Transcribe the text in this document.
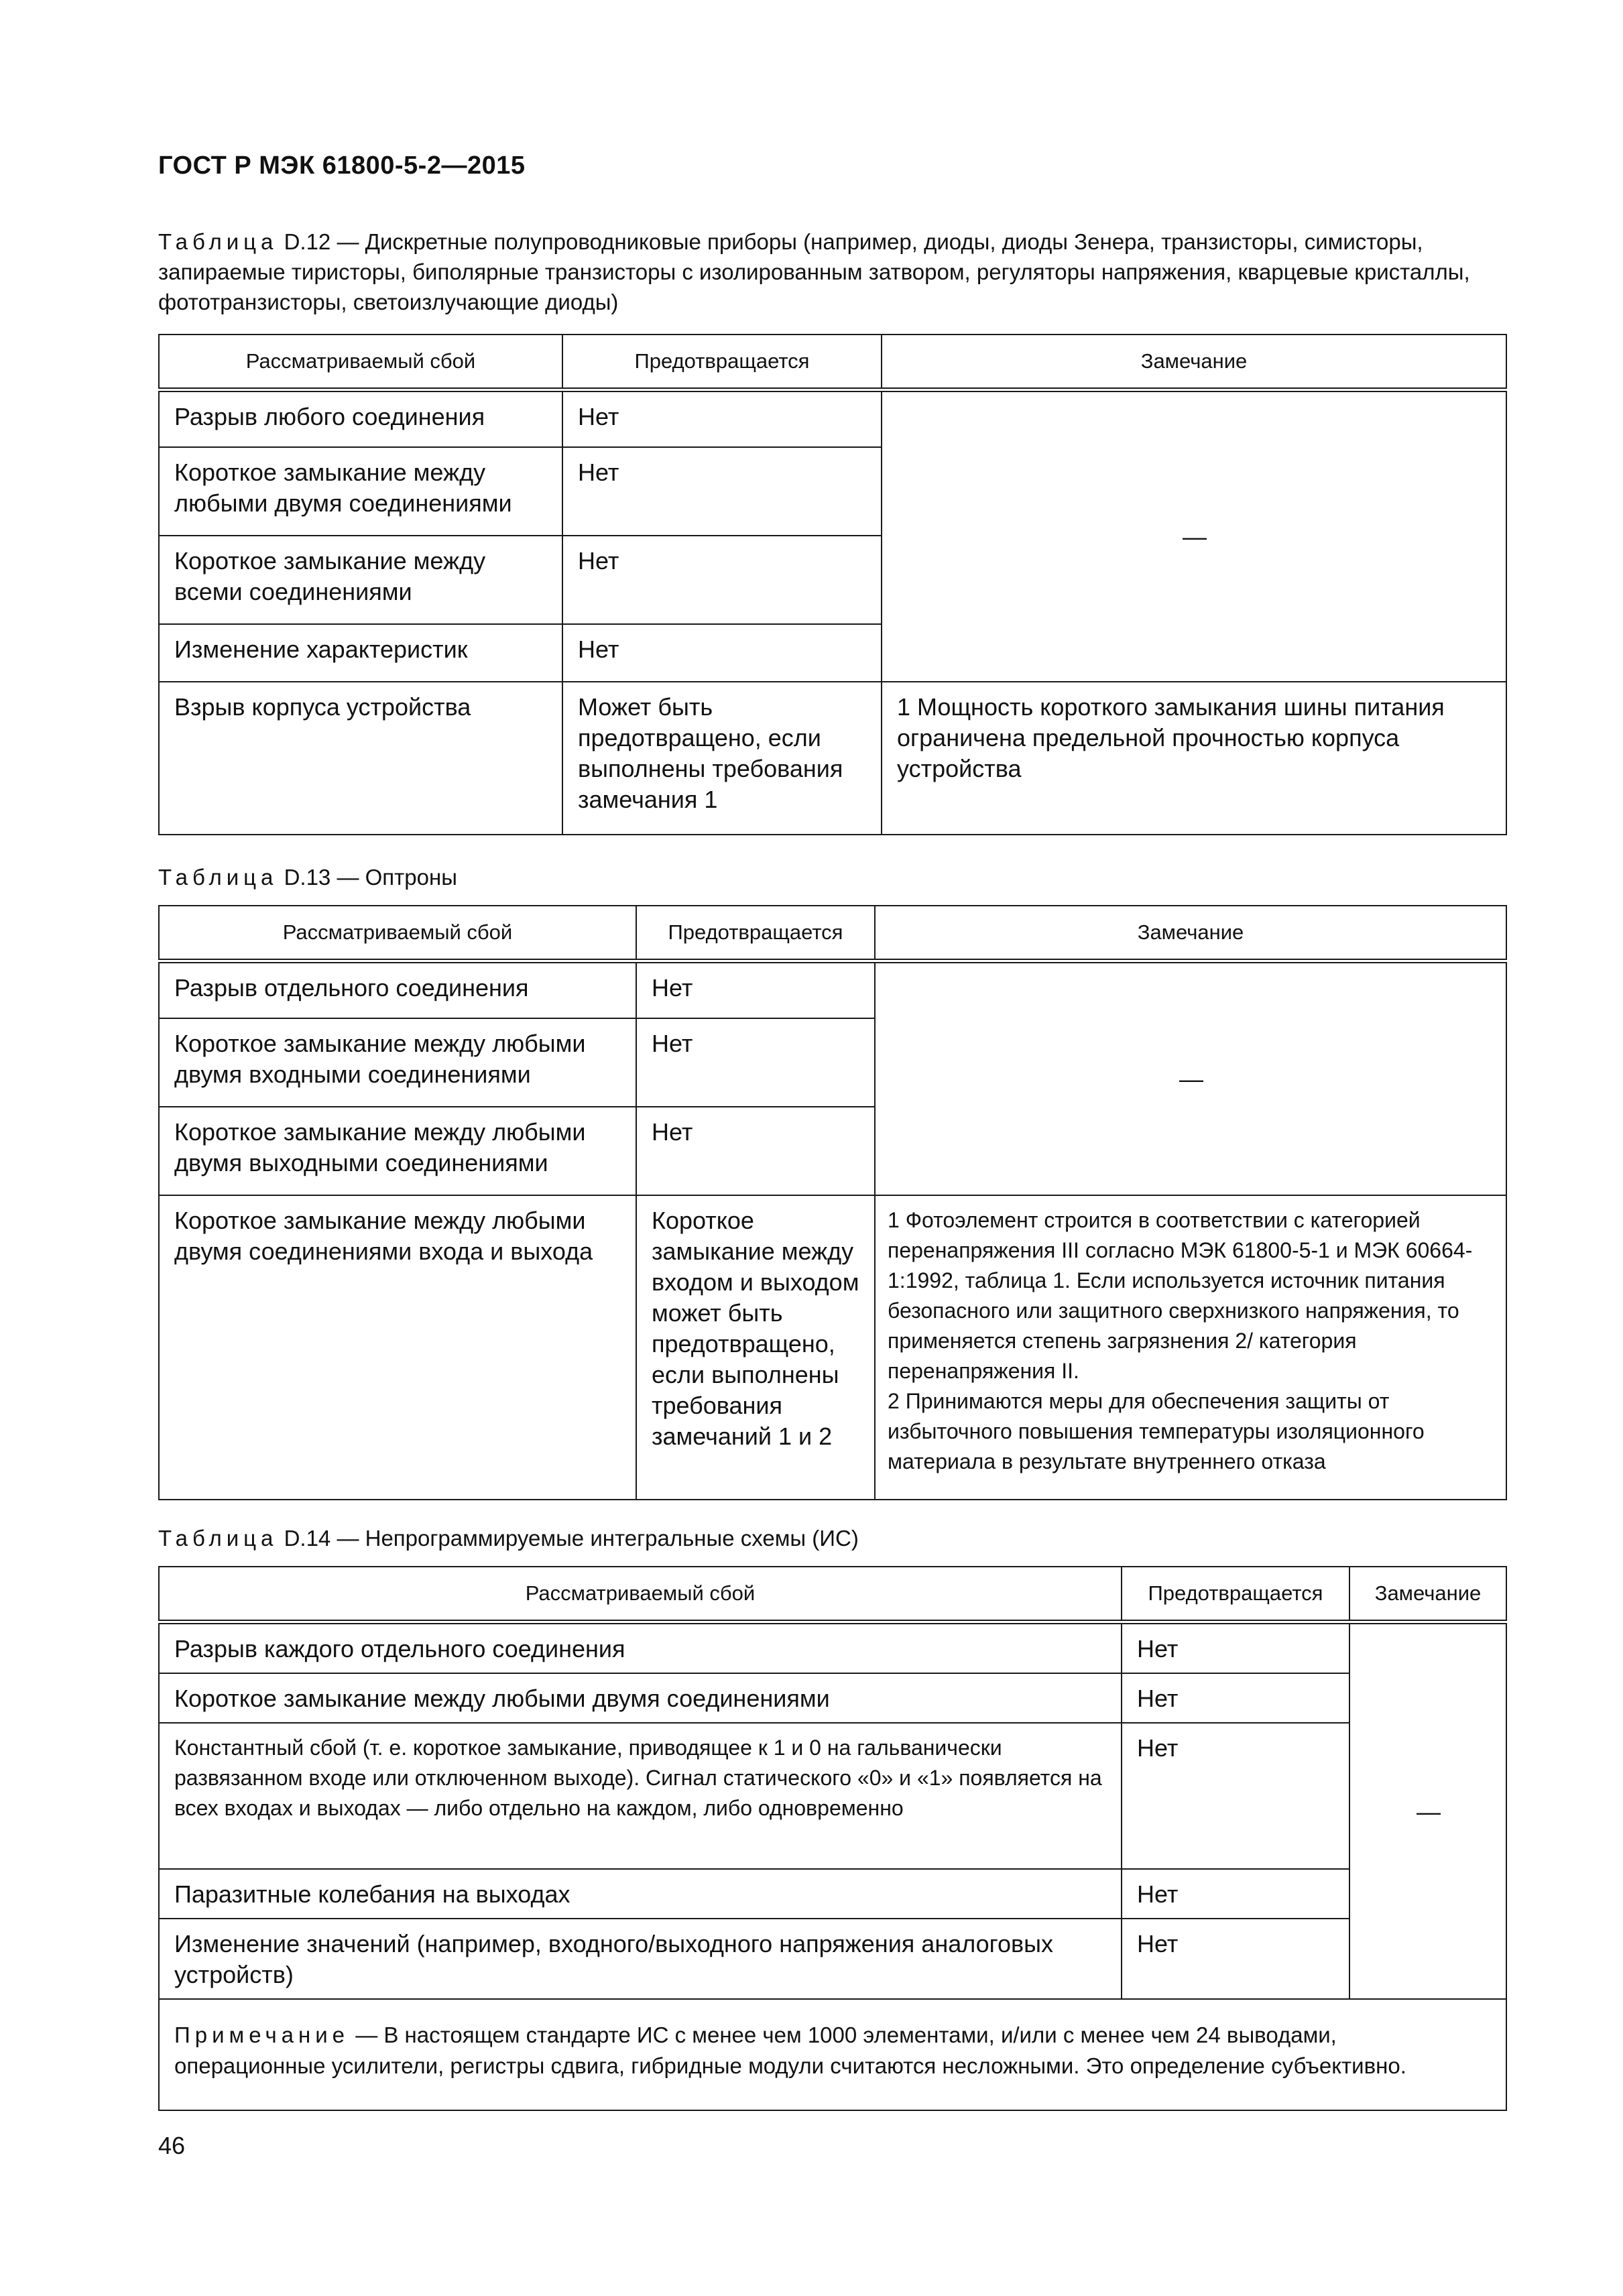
ГОСТ Р МЭК 61800-5-2—2015
Таблица D.12 — Дискретные полупроводниковые приборы (например, диоды, диоды Зенера, транзисторы, симисторы, запираемые тиристоры, биполярные транзисторы с изолированным затвором, регуляторы напряжения, кварцевые кристаллы, фототранзисторы, светоизлучающие диоды)
Рассматриваемый сбой	Предотвращается	Замечание
Разрыв любого соединения	Нет	—
Короткое замыкание между любыми двумя соединениями	Нет	
Короткое замыкание между всеми соединениями	Нет	
Изменение характеристик	Нет	
Взрыв корпуса устройства	Может быть предотвращено, если выполнены требования замечания 1	1 Мощность короткого замыкания шины питания ограничена предельной прочностью корпуса устройства
Таблица D.13 — Оптроны
Рассматриваемый сбой	Предотвращается	Замечание
Разрыв отдельного соединения	Нет	—
Короткое замыкание между любыми двумя входными соединениями	Нет	
Короткое замыкание между любыми двумя выходными соединениями	Нет	
Короткое замыкание между любыми двумя соединениями входа и выхода	Короткое замыкание между входом и выходом может быть предотвращено, если выполнены требования замечаний 1 и 2	1 Фотоэлемент строится в соответствии с категорией перенапряжения III согласно МЭК 61800-5-1 и МЭК 60664-1:1992, таблица 1. Если используется источник питания безопасного или защитного сверхнизкого напряжения, то применяется степень загрязнения 2/ категория перенапряжения II.
2 Принимаются меры для обеспечения защиты от избыточного повышения температуры изоляционного материала в результате внутреннего отказа
Таблица D.14 — Непрограммируемые интегральные схемы (ИС)
Рассматриваемый сбой	Предотвращается	Замечание
Разрыв каждого отдельного соединения	Нет	—
Короткое замыкание между любыми двумя соединениями	Нет	
Константный сбой (т. е. короткое замыкание, приводящее к 1 и 0 на гальванически развязанном входе или отключенном выходе). Сигнал статического «0» и «1» появляется на всех входах и выходах — либо отдельно на каждом, либо одновременно	Нет	
Паразитные колебания на выходах	Нет	
Изменение значений (например, входного/выходного напряжения аналоговых устройств)	Нет	
Примечание — В настоящем стандарте ИС с менее чем 1000 элементами, и/или с менее чем 24 выводами, операционные усилители, регистры сдвига, гибридные модули считаются несложными. Это определение субъективно.		
46
